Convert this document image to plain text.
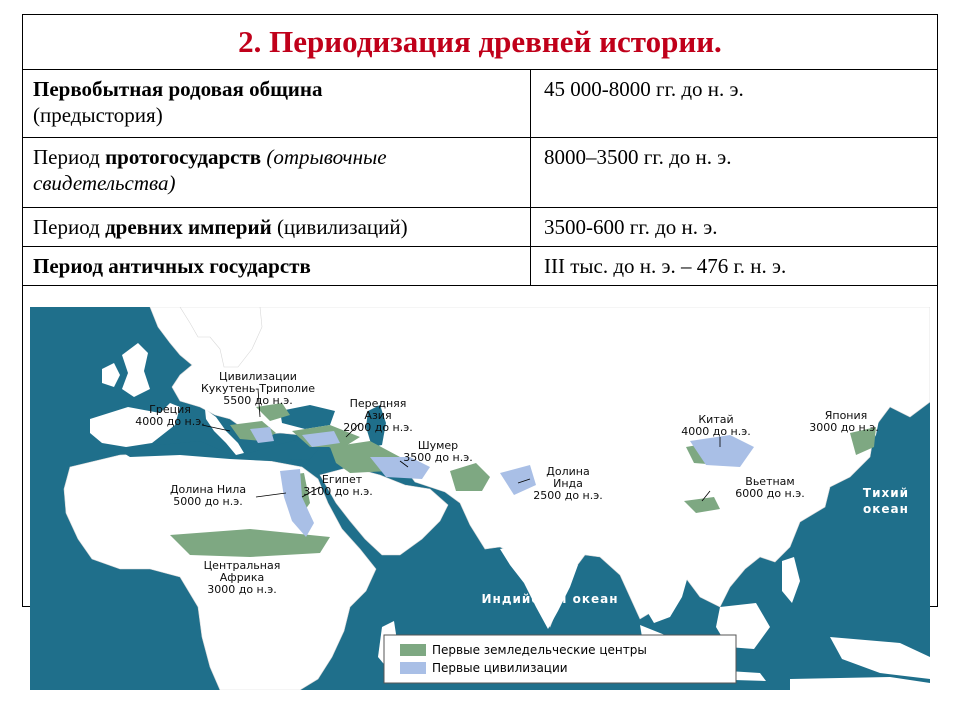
2. Периодизация древней истории.
Первобытная родовая община
(предыстория)
45 000-8000 гг. до н. э.
Период протогосударств (отрывочные свидетельства)
8000–3500 гг. до н. э.
Период древних империй (цивилизаций)	3500-600 гг. до н. э.
Период античных государств	III тыс. до н. э. – 476 г. н. э.
Цивилизации
Кукутень-Триполие
5500 до н.э.
Греция
4000 до н.э.
Передняя
Азия
2000 до н.э.
Шумер
3500 до н.э.
Египет
3100 до н.э.
Долина Нила
5000 до н.э.
Долина
Инда
2500 до н.э.
Китай
4000 до н.э.
Вьетнам
6000 до н.э.
Япония
3000 до н.э.
Центральная
Африка
3000 до н.э.
Тихий
океан
Индийский океан
Первые земледельческие центры
Первые цивилизации
